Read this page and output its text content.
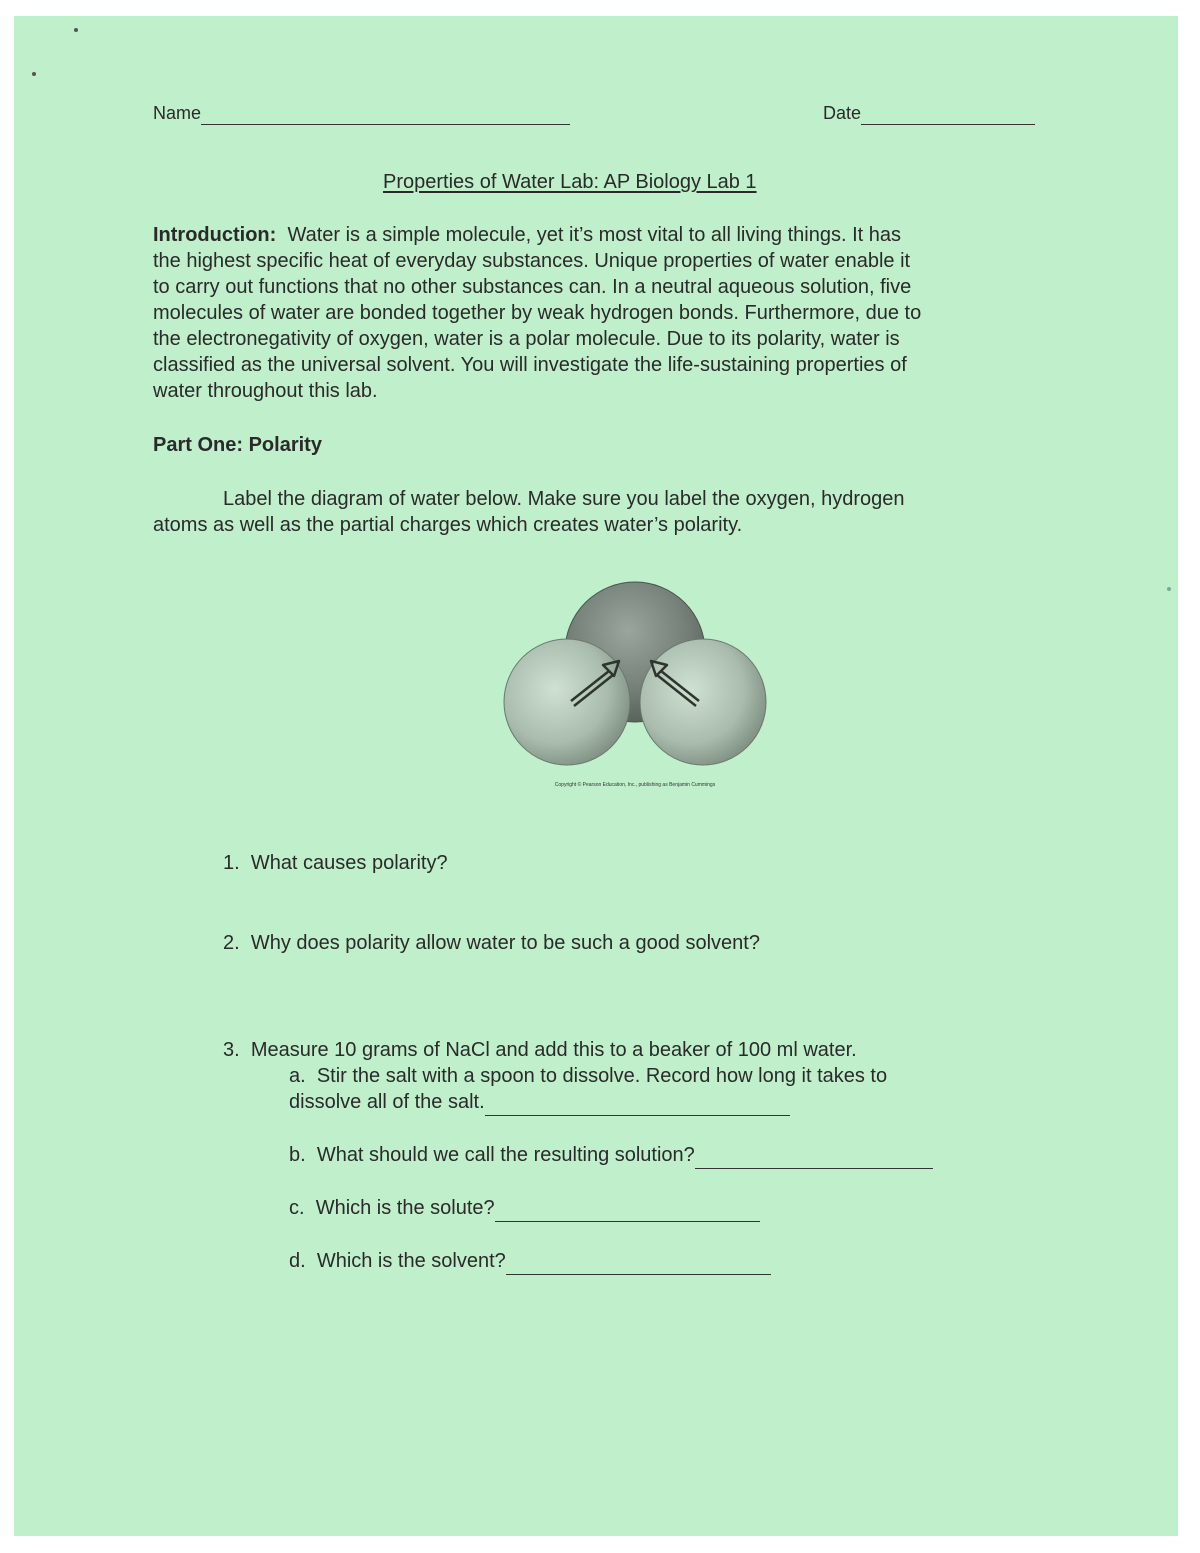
Name	Date
Properties of Water Lab: AP Biology Lab 1
Introduction: Water is a simple molecule, yet it’s most vital to all living things. It has
the highest specific heat of everyday substances. Unique properties of water enable it
to carry out functions that no other substances can. In a neutral aqueous solution, five
molecules of water are bonded together by weak hydrogen bonds. Furthermore, due to
the electronegativity of oxygen, water is a polar molecule. Due to its polarity, water is
classified as the universal solvent. You will investigate the life-sustaining properties of
water throughout this lab.
Part One: Polarity
Label the diagram of water below. Make sure you label the oxygen, hydrogen
atoms as well as the partial charges which creates water’s polarity.
Copyright © Pearson Education, Inc., publishing as Benjamin Cummings
1. What causes polarity?
2. Why does polarity allow water to be such a good solvent?
3. Measure 10 grams of NaCl and add this to a beaker of 100 ml water.
a. Stir the salt with a spoon to dissolve. Record how long it takes to
dissolve all of the salt.
b. What should we call the resulting solution?
c. Which is the solute?
d. Which is the solvent?
